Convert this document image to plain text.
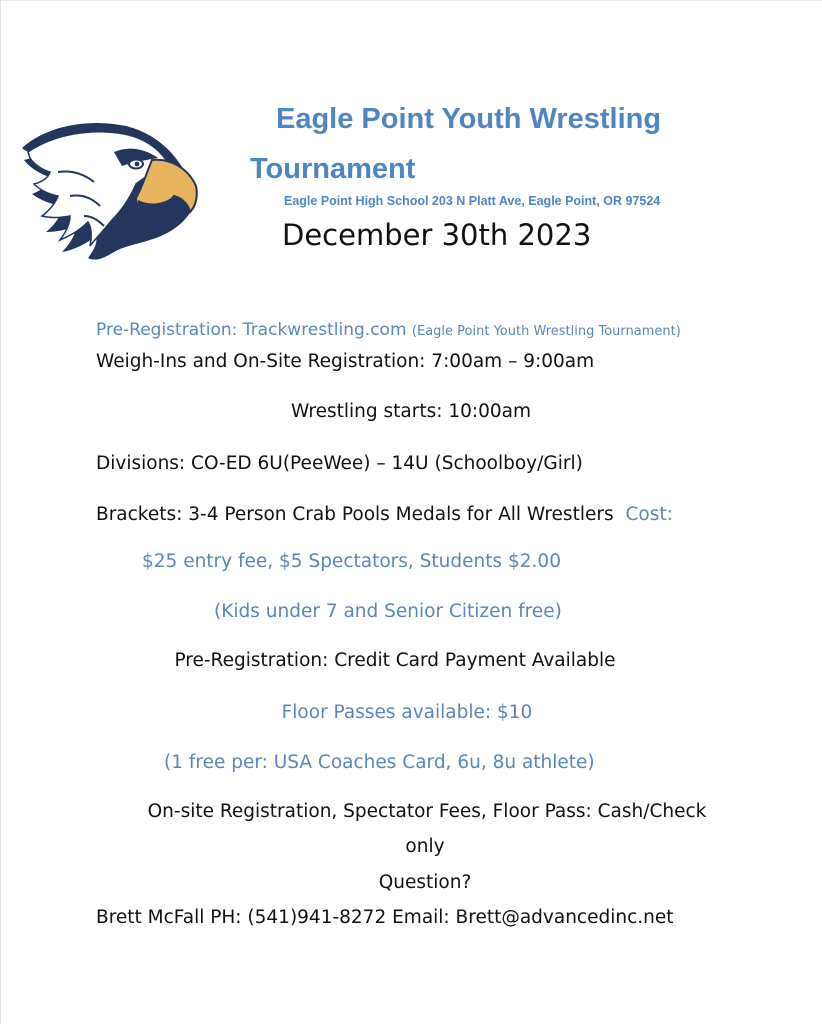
Eagle Point Youth Wrestling
Tournament
Eagle Point High School 203 N Platt Ave, Eagle Point, OR 97524
December 30th 2023
Pre-Registration: Trackwrestling.com (Eagle Point Youth Wrestling Tournament)
Weigh-Ins and On-Site Registration: 7:00am – 9:00am
Wrestling starts: 10:00am
Divisions: CO-ED 6U(PeeWee) – 14U (Schoolboy/Girl)
Brackets: 3-4 Person Crab Pools Medals for All Wrestlers Cost:
$25 entry fee, $5 Spectators, Students $2.00
(Kids under 7 and Senior Citizen free)
Pre-Registration: Credit Card Payment Available
Floor Passes available: $10
(1 free per: USA Coaches Card, 6u, 8u athlete)
On-site Registration, Spectator Fees, Floor Pass: Cash/Check
only
Question?
Brett McFall PH: (541)941-8272 Email: Brett@advancedinc.net
